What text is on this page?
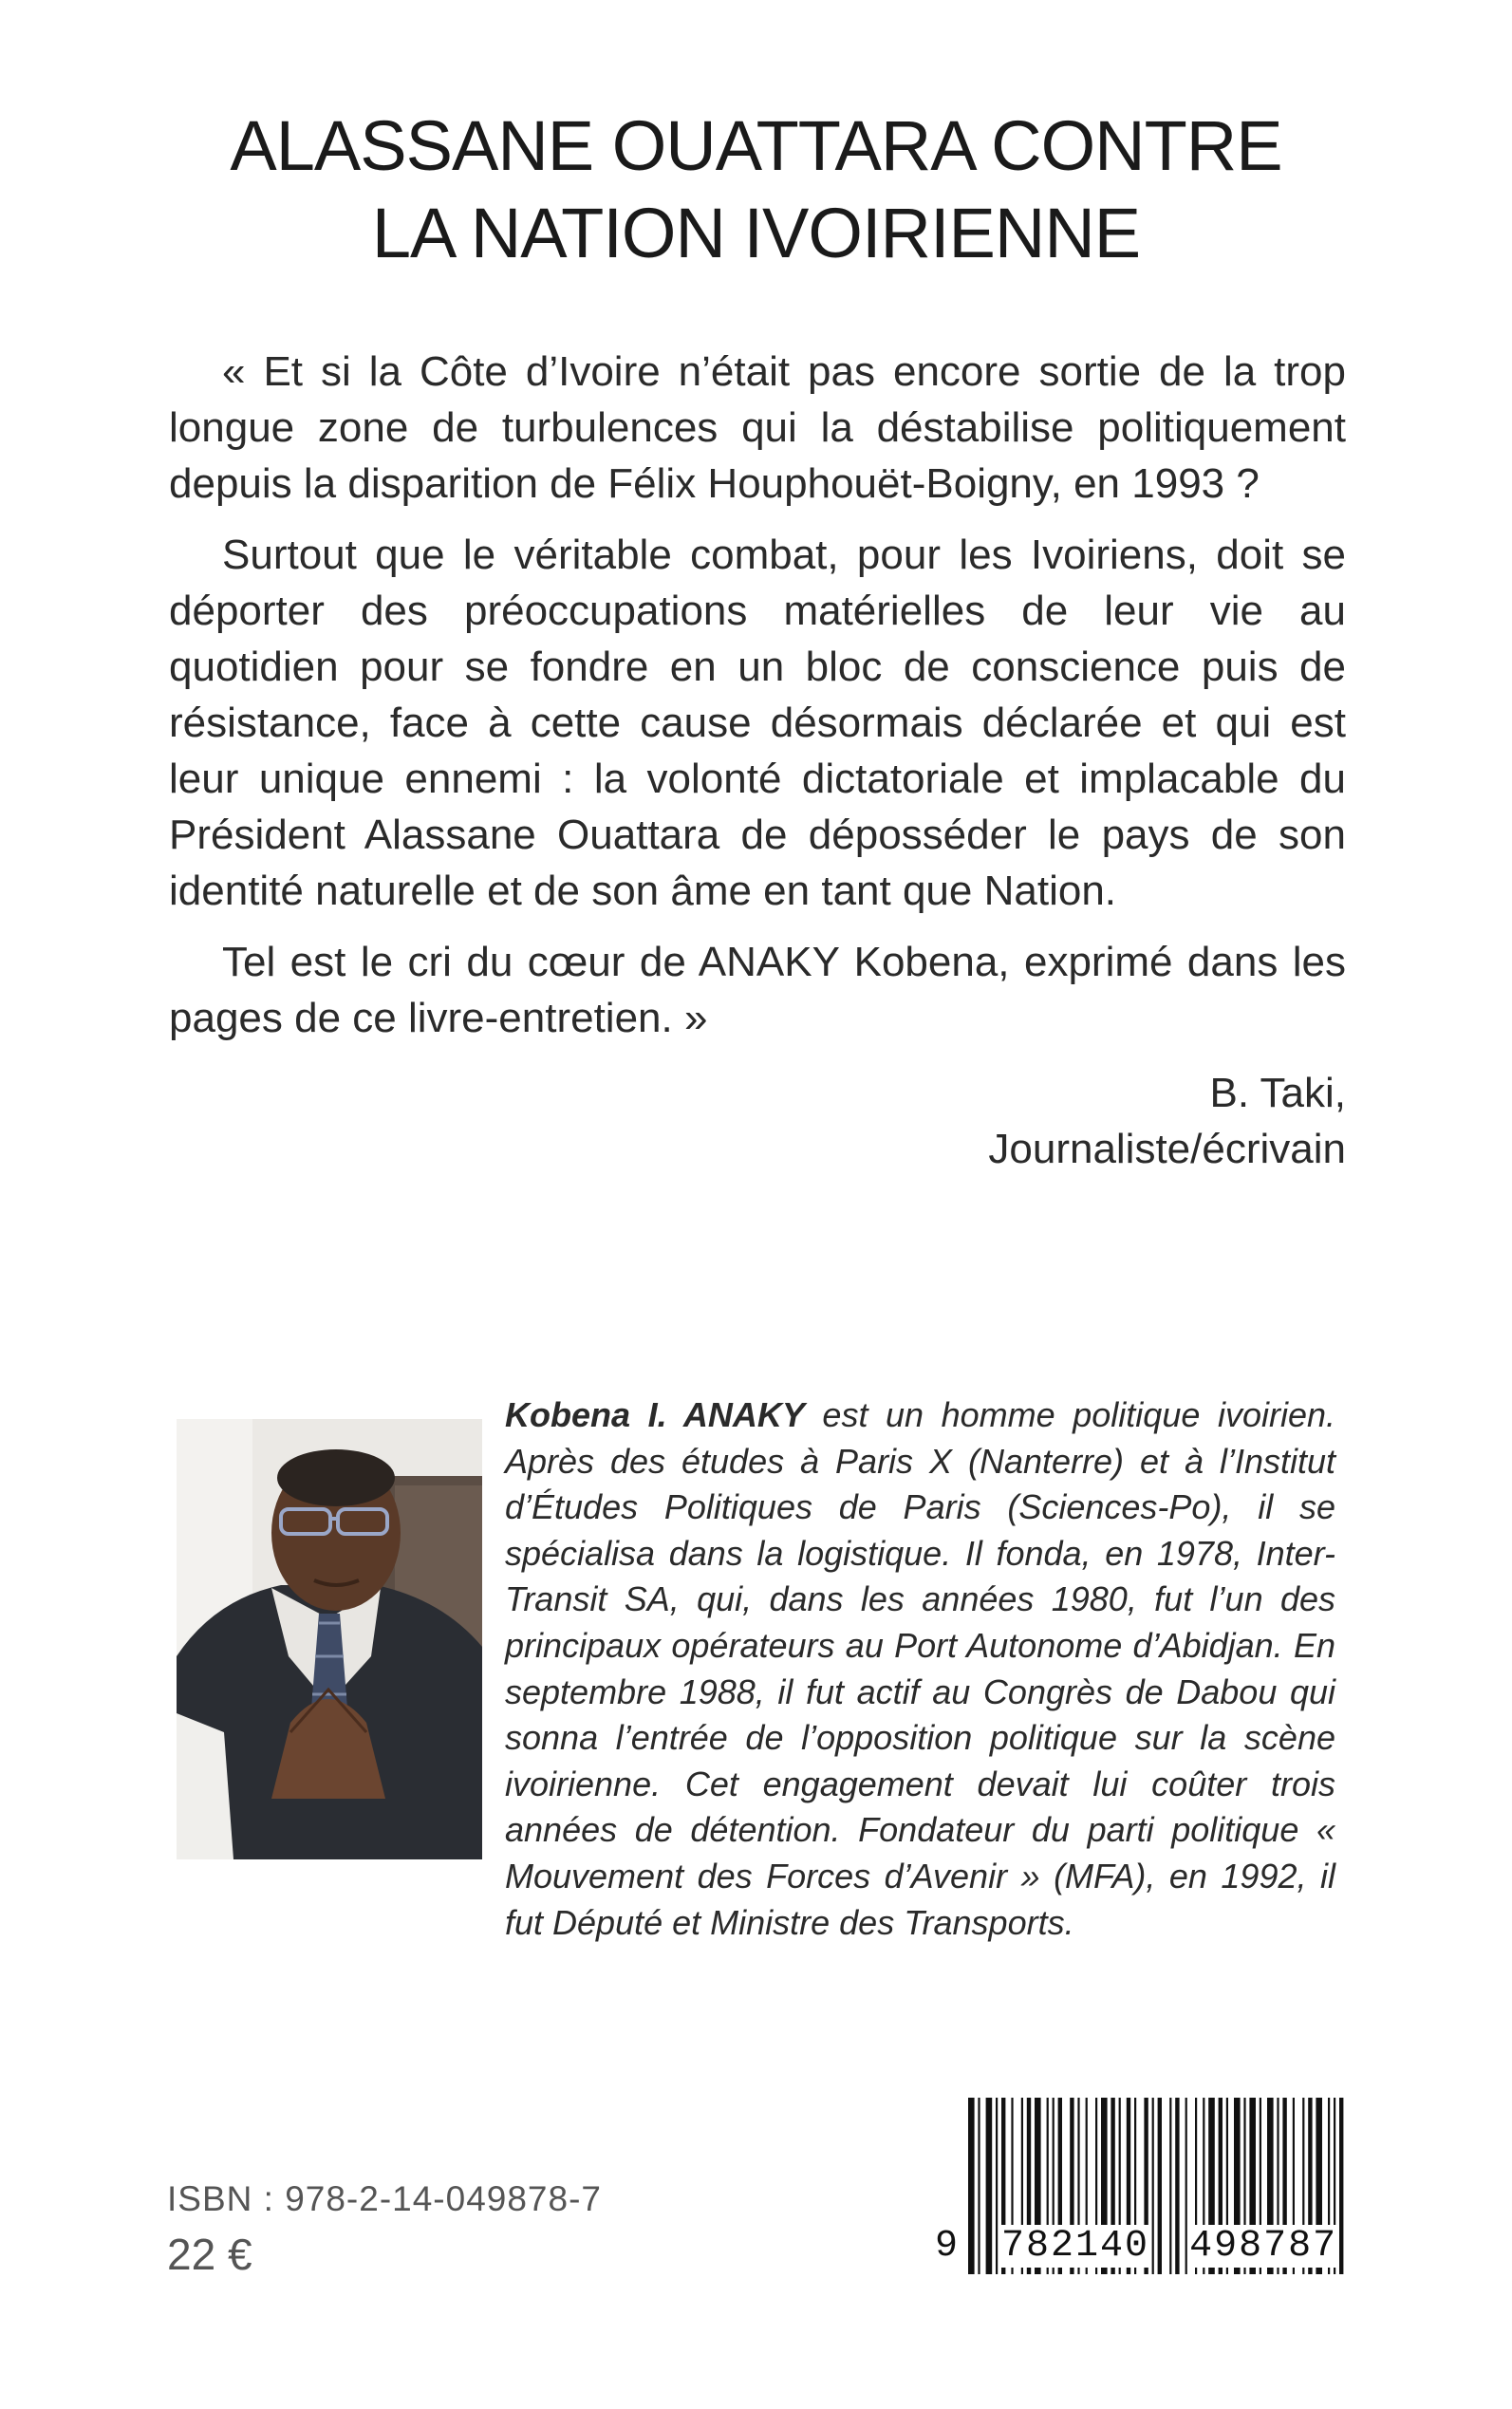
ALASSANE OUATTARA CONTRE
LA NATION IVOIRIENNE

« Et si la Côte d’Ivoire n’était pas encore sortie de la trop longue zone de turbulences qui la déstabilise politiquement depuis la disparition de Félix Houphouët-Boigny, en 1993 ?

Surtout que le véritable combat, pour les Ivoiriens, doit se déporter des préoccupations matérielles de leur vie au quotidien pour se fondre en un bloc de conscience puis de résistance, face à cette cause désormais déclarée et qui est leur unique ennemi : la volonté dictatoriale et implacable du Président Alassane Ouattara de déposséder le pays de son identité naturelle et de son âme en tant que Nation.

Tel est le cri du cœur de ANAKY Kobena, exprimé dans les pages de ce livre-entretien. »

B. Taki,
Journaliste/écrivain
Kobena I. ANAKY est un homme politique ivoirien. Après des études à Paris X (Nanterre) et à l’Institut d’Études Politiques de Paris (Sciences-Po), il se spécialisa dans la logistique. Il fonda, en 1978, Inter-Transit SA, qui, dans les années 1980, fut l’un des principaux opérateurs au Port Autonome d’Abidjan. En septembre 1988, il fut actif au Congrès de Dabou qui sonna l’entrée de l’opposition politique sur la scène ivoirienne. Cet engagement devait lui coûter trois années de détention. Fondateur du parti politique « Mouvement des Forces d’Avenir » (MFA), en 1992, il fut Député et Ministre des Transports.
ISBN : 978-2-14-049878-7
22 €	9 782140 498787
